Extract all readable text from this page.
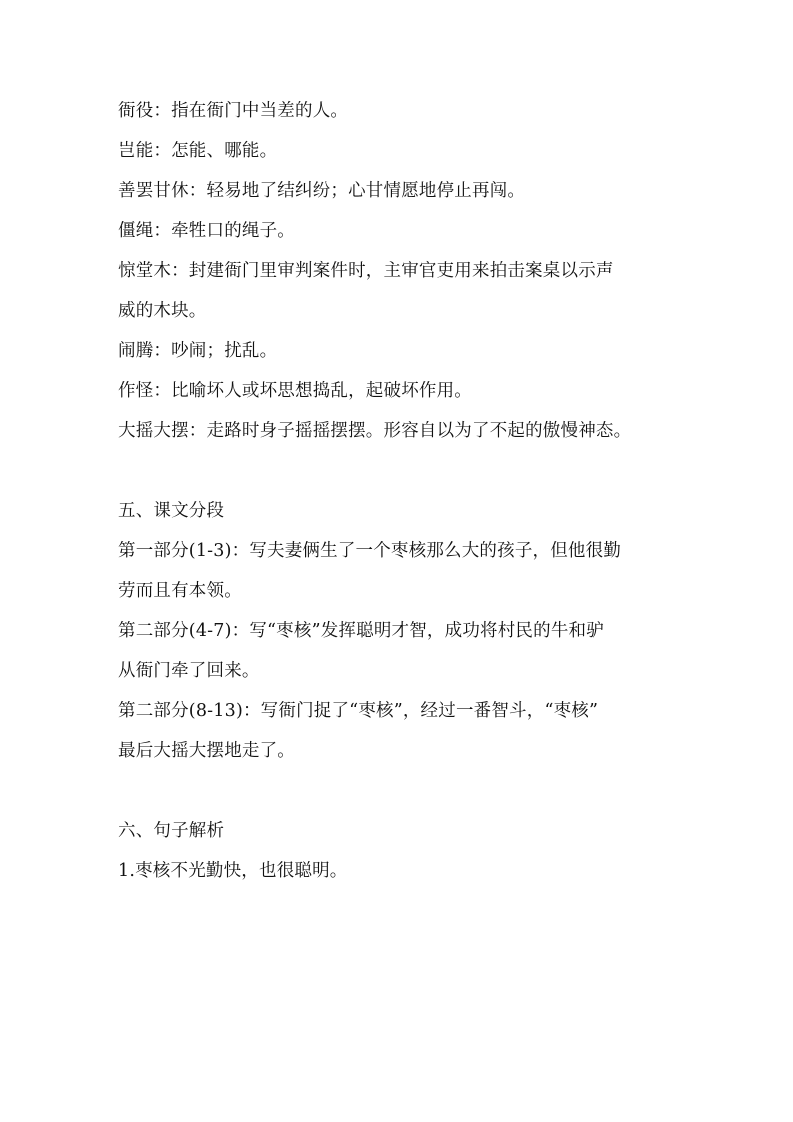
衙役：指在衙门中当差的人。
岂能：怎能、哪能。
善罢甘休：轻易地了结纠纷；心甘情愿地停止再闯。
僵绳：牵牲口的绳子。
惊堂木：封建衙门里审判案件时，主审官吏用来拍击案桌以示声
威的木块。
闹腾：吵闹；扰乱。
作怪：比喻坏人或坏思想捣乱，起破坏作用。
大摇大摆：走路时身子摇摇摆摆。形容自以为了不起的傲慢神态。
五、课文分段
第一部分(1-3)：写夫妻俩生了一个枣核那么大的孩子，但他很勤
劳而且有本领。
第二部分(4-7)：写“枣核”发挥聪明才智，成功将村民的牛和驴
从衙门牵了回来。
第二部分(8-13)：写衙门捉了“枣核”，经过一番智斗，“枣核”
最后大摇大摆地走了。
六、句子解析
1.枣核不光勤快，也很聪明。
